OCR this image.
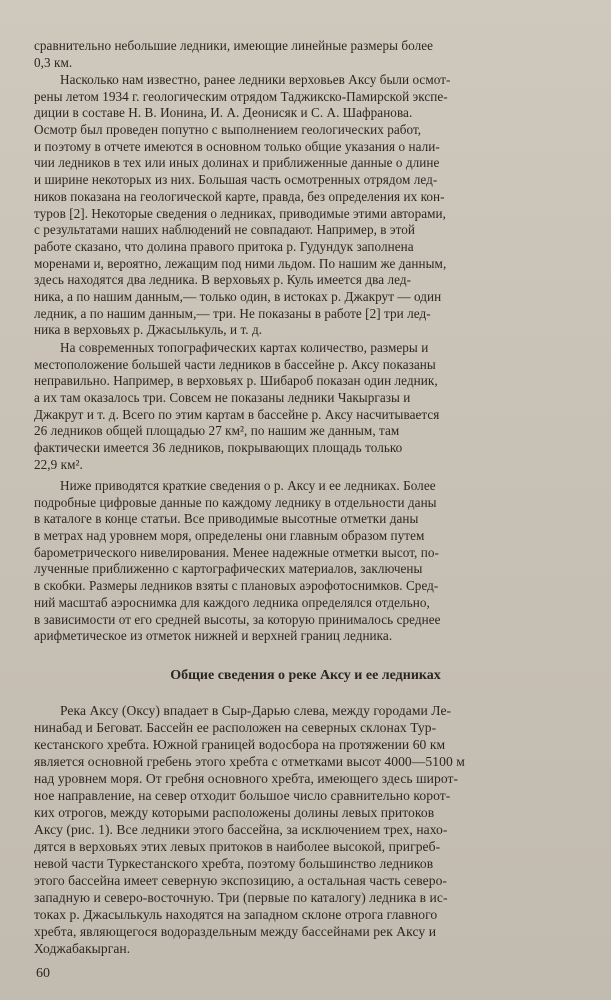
сравнительно небольшие ледники, имеющие линейные размеры более
0,3 км.
Насколько нам известно, ранее ледники верховьев Аксу были осмот-
рены летом 1934 г. геологическим отрядом Таджикско-Памирской экспе-
диции в составе Н. В. Ионина, И. А. Деонисяк и С. А. Шафранова.
Осмотр был проведен попутно с выполнением геологических работ,
и поэтому в отчете имеются в основном только общие указания о нали-
чии ледников в тех или иных долинах и приближенные данные о длине
и ширине некоторых из них. Большая часть осмотренных отрядом лед-
ников показана на геологической карте, правда, без определения их кон-
туров [2]. Некоторые сведения о ледниках, приводимые этими авторами,
с результатами наших наблюдений не совпадают. Например, в этой
работе сказано, что долина правого притока р. Гудундук заполнена
моренами и, вероятно, лежащим под ними льдом. По нашим же данным,
здесь находятся два ледника. В верховьях р. Куль имеется два лед-
ника, а по нашим данным,— только один, в истоках р. Джакрут — один
ледник, а по нашим данным,— три. Не показаны в работе [2] три лед-
ника в верховьях р. Джасылькуль, и т. д.
На современных топографических картах количество, размеры и
местоположение большей части ледников в бассейне р. Аксу показаны
неправильно. Например, в верховьях р. Шибароб показан один ледник,
а их там оказалось три. Совсем не показаны ледники Чакыргазы и
Джакрут и т. д. Всего по этим картам в бассейне р. Аксу насчитывается
26 ледников общей площадью 27 км², по нашим же данным, там
фактически имеется 36 ледников, покрывающих площадь только
22,9 км².
Ниже приводятся краткие сведения о р. Аксу и ее ледниках. Более
подробные цифровые данные по каждому леднику в отдельности даны
в каталоге в конце статьи. Все приводимые высотные отметки даны
в метрах над уровнем моря, определены они главным образом путем
барометрического нивелирования. Менее надежные отметки высот, по-
лученные приближенно с картографических материалов, заключены
в скобки. Размеры ледников взяты с плановых аэрофотоснимков. Сред-
ний масштаб аэроснимка для каждого ледника определялся отдельно,
в зависимости от его средней высоты, за которую принималось среднее
арифметическое из отметок нижней и верхней границ ледника.
Общие сведения о реке Аксу и ее ледниках
Река Аксу (Оксу) впадает в Сыр-Дарью слева, между городами Ле-
нинабад и Беговат. Бассейн ее расположен на северных склонах Тур-
кестанского хребта. Южной границей водосбора на протяжении 60 км
является основной гребень этого хребта с отметками высот 4000—5100 м
над уровнем моря. От гребня основного хребта, имеющего здесь широт-
ное направление, на север отходит большое число сравнительно корот-
ких отрогов, между которыми расположены долины левых притоков
Аксу (рис. 1). Все ледники этого бассейна, за исключением трех, нахо-
дятся в верховьях этих левых притоков в наиболее высокой, пригреб-
невой части Туркестанского хребта, поэтому большинство ледников
этого бассейна имеет северную экспозицию, а остальная часть северо-
западную и северо-восточную. Три (первые по каталогу) ледника в ис-
токах р. Джасылькуль находятся на западном склоне отрога главного
хребта, являющегося водораздельным между бассейнами рек Аксу и
Ходжабакырган.

60
